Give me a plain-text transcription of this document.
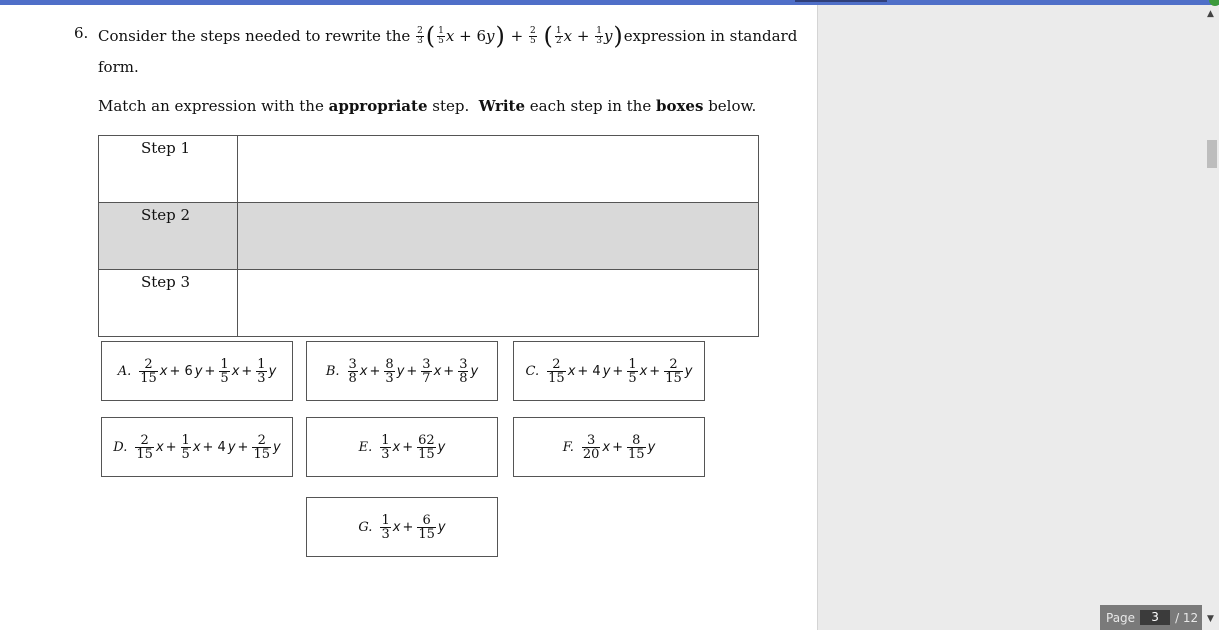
6. Consider the steps needed to rewrite the
$\frac{2}{3}$ ( $\frac{1}{5}$ x + 6 y ) + $\frac{2}{5}$
( $\frac{1}{2}$ $x + \frac{1}{3}$ y ) expression in standard
form.
Match an expression with the appropriate step.  Write each step in the boxes below.
Step 1	
Step 2	
Step 3	
A. $\frac{2}{15}$ x + 6 $y + \frac{1}{5}$ $x + \frac{1}{3}$ y	B. $\frac{3}{8}$ $x + \frac{8}{3}$ $y + \frac{3}{7}$ $x + \frac{3}{8}$ y	C. $\frac{2}{15}$ x + 4 $y + \frac{1}{5}$ $x + \frac{2}{15}$ y
D. $\frac{2}{15}$ $x + \frac{1}{5}$ x + 4 $y + \frac{2}{15}$ y	E. $\frac{1}{3}$ $x + \frac{62}{15}$ y	F. $\frac{3}{20}$ $x + \frac{8}{15}$ y
G. $\frac{1}{3}$ $x + \frac{6}{15}$ y
▲
▼
Page	3	/ 12
